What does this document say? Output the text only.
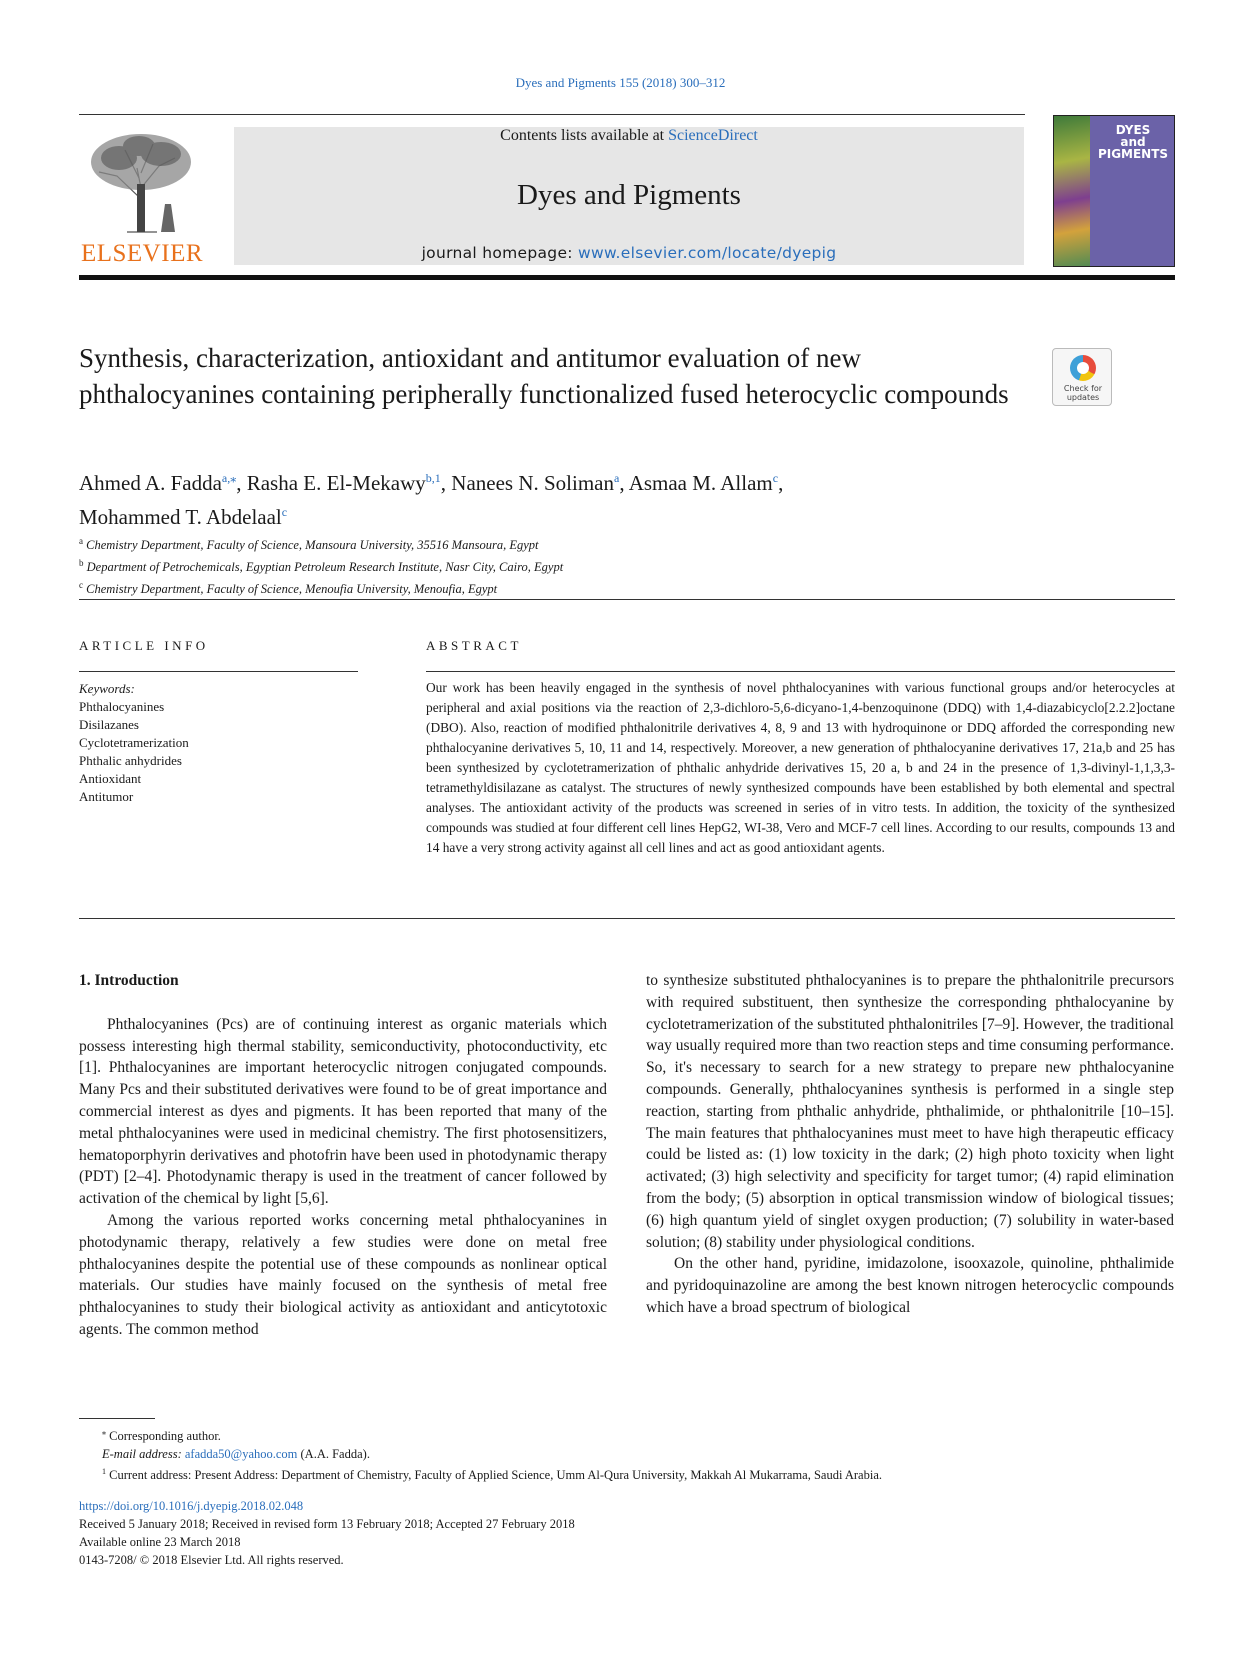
Dyes and Pigments 155 (2018) 300–312
ELSEVIER
Contents lists available at ScienceDirect
Dyes and Pigments
journal homepage: www.elsevier.com/locate/dyepig
DYES
and
PIGMENTS
Synthesis, characterization, antioxidant and antitumor evaluation of new phthalocyanines containing peripherally functionalized fused heterocyclic compounds	Check for
updates
Ahmed A. Fadda$^{a,⁎}$, Rasha E. El-Mekawy$^{b,1}$, Nanees N. Soliman$^a$, Asmaa M. Allam$^c$,
Mohammed T. Abdelaal$^c$
$^a$ Chemistry Department, Faculty of Science, Mansoura University, 35516 Mansoura, Egypt
$^b$ Department of Petrochemicals, Egyptian Petroleum Research Institute, Nasr City, Cairo, Egypt
$^c$ Chemistry Department, Faculty of Science, Menoufia University, Menoufia, Egypt
ARTICLE INFO	ABSTRACT
Keywords:
Phthalocyanines
Disilazanes
Cyclotetramerization
Phthalic anhydrides
Antioxidant
Antitumor
Our work has been heavily engaged in the synthesis of novel phthalocyanines with various functional groups and/or heterocycles at peripheral and axial positions via the reaction of 2,3-dichloro-5,6-dicyano-1,4-benzoquinone (DDQ) with 1,4-diazabicyclo[2.2.2]octane (DBO). Also, reaction of modified phthalonitrile derivatives 4, 8, 9 and 13 with hydroquinone or DDQ afforded the corresponding new phthalocyanine derivatives 5, 10, 11 and 14, respectively. Moreover, a new generation of phthalocyanine derivatives 17, 21a,b and 25 has been synthesized by cyclotetramerization of phthalic anhydride derivatives 15, 20 a, b and 24 in the presence of 1,3-divinyl-1,1,3,3-tetramethyldisilazane as catalyst. The structures of newly synthesized compounds have been established by both elemental and spectral analyses. The antioxidant activity of the products was screened in series of in vitro tests. In addition, the toxicity of the synthesized compounds was studied at four different cell lines HepG2, WI-38, Vero and MCF-7 cell lines. According to our results, compounds 13 and 14 have a very strong activity against all cell lines and act as good antioxidant agents.
1. Introduction

Phthalocyanines (Pcs) are of continuing interest as organic materials which possess interesting high thermal stability, semiconductivity, photoconductivity, etc [1]. Phthalocyanines are important heterocyclic nitrogen conjugated compounds. Many Pcs and their substituted derivatives were found to be of great importance and commercial interest as dyes and pigments. It has been reported that many of the metal phthalocyanines were used in medicinal chemistry. The first photosensitizers, hematoporphyrin derivatives and photofrin have been used in photodynamic therapy (PDT) [2–4]. Photodynamic therapy is used in the treatment of cancer followed by activation of the chemical by light [5,6].

Among the various reported works concerning metal phthalocyanines in photodynamic therapy, relatively a few studies were done on metal free phthalocyanines despite the potential use of these compounds as nonlinear optical materials. Our studies have mainly focused on the synthesis of metal free phthalocyanines to study their biological activity as antioxidant and anticytotoxic agents. The common method

to synthesize substituted phthalocyanines is to prepare the phthalonitrile precursors with required substituent, then synthesize the corresponding phthalocyanine by cyclotetramerization of the substituted phthalonitriles [7–9]. However, the traditional way usually required more than two reaction steps and time consuming performance. So, it's necessary to search for a new strategy to prepare new phthalocyanine compounds. Generally, phthalocyanines synthesis is performed in a single step reaction, starting from phthalic anhydride, phthalimide, or phthalonitrile [10–15]. The main features that phthalocyanines must meet to have high therapeutic efficacy could be listed as: (1) low toxicity in the dark; (2) high photo toxicity when light activated; (3) high selectivity and specificity for target tumor; (4) rapid elimination from the body; (5) absorption in optical transmission window of biological tissues; (6) high quantum yield of singlet oxygen production; (7) solubility in water-based solution; (8) stability under physiological conditions.

On the other hand, pyridine, imidazolone, isooxazole, quinoline, phthalimide and pyridoquinazoline are among the best known nitrogen heterocyclic compounds which have a broad spectrum of biological

⁎ Corresponding author.
E-mail address: afadda50@yahoo.com (A.A. Fadda).
$^1$ Current address: Present Address: Department of Chemistry, Faculty of Applied Science, Umm Al-Qura University, Makkah Al Mukarrama, Saudi Arabia.
https://doi.org/10.1016/j.dyepig.2018.02.048
Received 5 January 2018; Received in revised form 13 February 2018; Accepted 27 February 2018
Available online 23 March 2018
0143-7208/ © 2018 Elsevier Ltd. All rights reserved.
